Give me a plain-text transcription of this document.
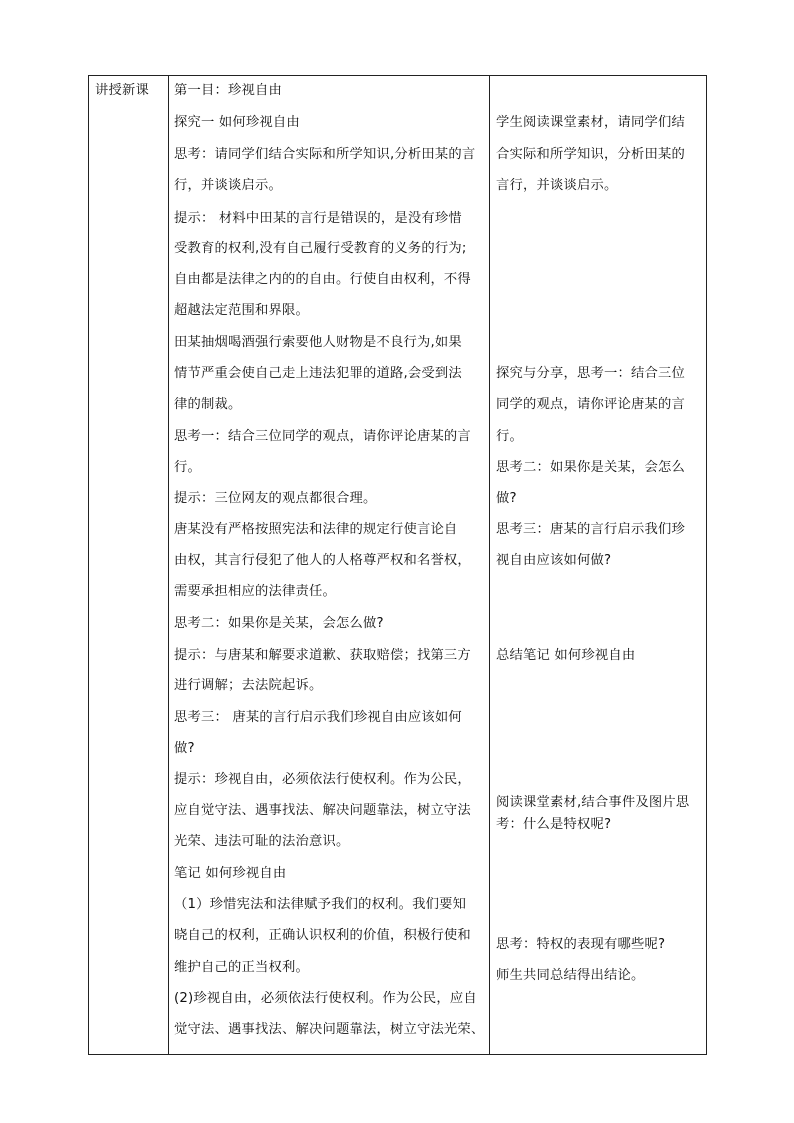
讲授新课 第一目：珍视自由
探究一 如何珍视自由
思考：请同学们结合实际和所学知识,分析田某的言
行，并谈谈启示。
提示： 材料中田某的言行是错误的，是没有珍惜
受教育的权利,没有自己履行受教育的义务的行为;
自由都是法律之内的的自由。行使自由权利，不得
超越法定范围和界限。
田某抽烟喝酒强行索要他人财物是不良行为,如果
情节严重会使自己走上违法犯罪的道路,会受到法
律的制裁。
思考一：结合三位同学的观点，请你评论唐某的言
行。
提示：三位网友的观点都很合理。
唐某没有严格按照宪法和法律的规定行使言论自
由权，其言行侵犯了他人的人格尊严权和名誉权，
需要承担相应的法律责任。
思考二：如果你是关某，会怎么做?
提示：与唐某和解要求道歉、获取赔偿；找第三方
进行调解；去法院起诉。
思考三： 唐某的言行启示我们珍视自由应该如何
做?
提示：珍视自由，必须依法行使权利。作为公民，
应自觉守法、遇事找法、解决问题靠法，树立守法
光荣、违法可耻的法治意识。
笔记 如何珍视自由
（1）珍惜宪法和法律赋予我们的权利。我们要知
晓自己的权利，正确认识权利的价值，积极行使和
维护自己的正当权利。
(2)珍视自由，必须依法行使权利。作为公民，应自
觉守法、遇事找法、解决问题靠法，树立守法光荣、
学生阅读课堂素材，请同学们结
合实际和所学知识，分析田某的
言行，并谈谈启示。
探究与分享，思考一：结合三位
同学的观点，请你评论唐某的言
行。
思考二：如果你是关某，会怎么
做?
思考三：唐某的言行启示我们珍
视自由应该如何做?
总结笔记 如何珍视自由
阅读课堂素材,结合事件及图片思
考：什么是特权呢?
思考：特权的表现有哪些呢?
师生共同总结得出结论。
